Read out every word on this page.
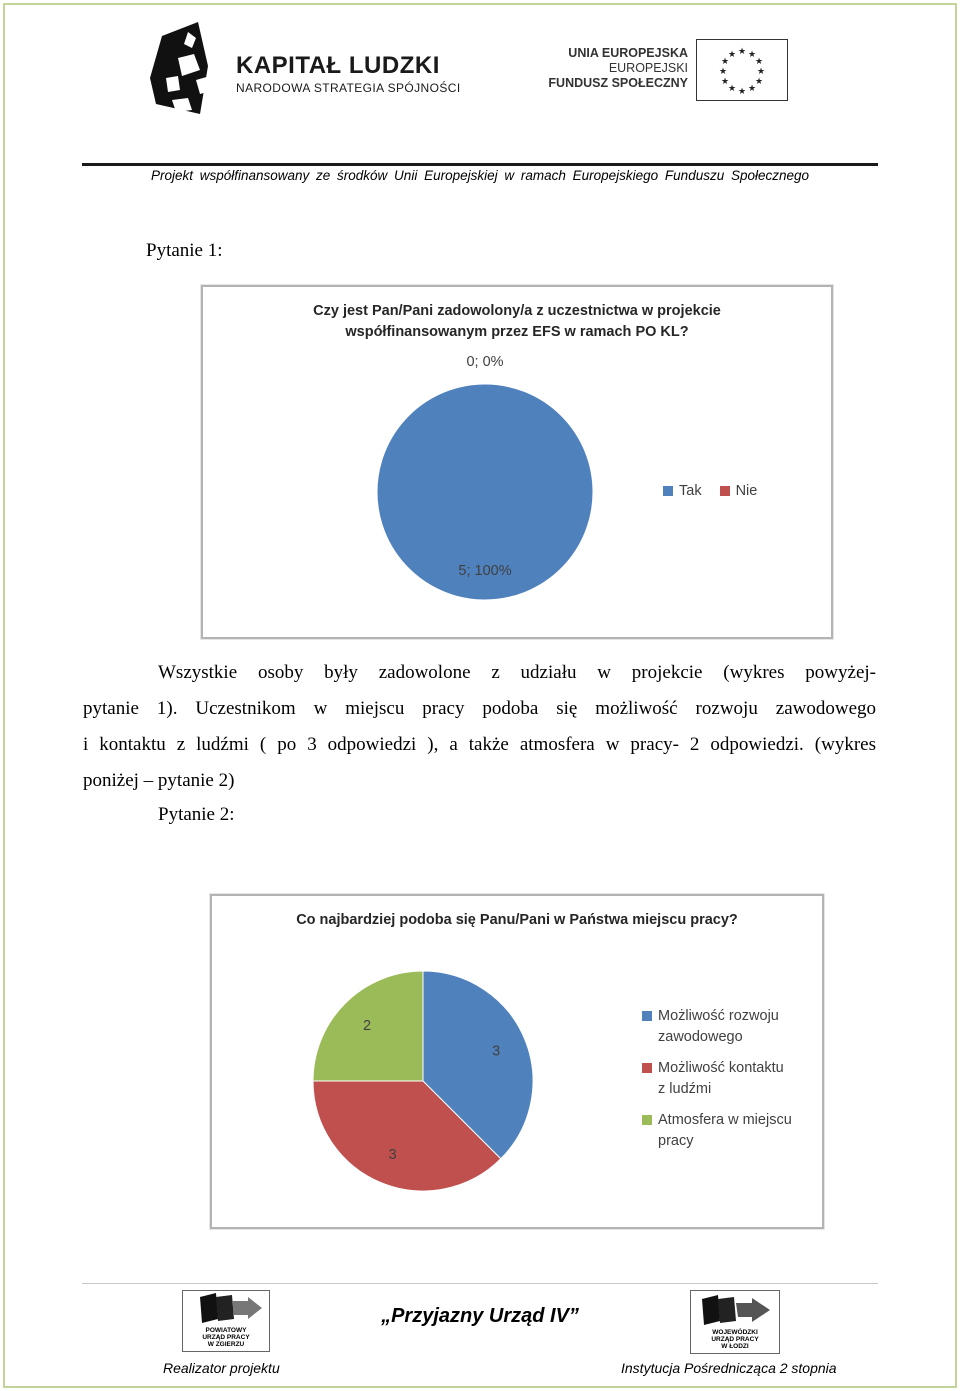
KAPITAŁ LUDZKI
NARODOWA STRATEGIA SPÓJNOŚCI
UNIA EUROPEJSKA
EUROPEJSKI
FUNDUSZ SPOŁECZNY
★ ★
★
★
★
★
★
★
★
★
★
★
Projekt współfinansowany ze środków Unii Europejskiej w ramach Europejskiego Funduszu Społecznego
Pytanie 1:
Czy jest Pan/Pani zadowolony/a z uczestnictwa w projekcie
współfinansowanym przez EFS w ramach PO KL?
5; 100%
0; 0%
Tak Nie
Wszystkie osoby były zadowolone z udziału w projekcie (wykres powyżej-
pytanie 1). Uczestnikom w miejscu pracy podoba się możliwość rozwoju zawodowego
i kontaktu z ludźmi ( po 3 odpowiedzi ), a także atmosfera w pracy- 2 odpowiedzi. (wykres
poniżej – pytanie 2)
Pytanie 2:
Co najbardziej podoba się Panu/Pani w Państwa miejscu pracy?
3
3
2
Możliwość rozwoju
zawodowego
Możliwość kontaktu
z ludźmi
Atmosfera w miejscu
pracy
POWIATOWY
URZĄD PRACY
W ZGIERZU
„Przyjazny Urząd IV”
WOJEWÓDZKI
URZĄD PRACY
W ŁODZI
Realizator projektu	Instytucja Pośrednicząca 2 stopnia
